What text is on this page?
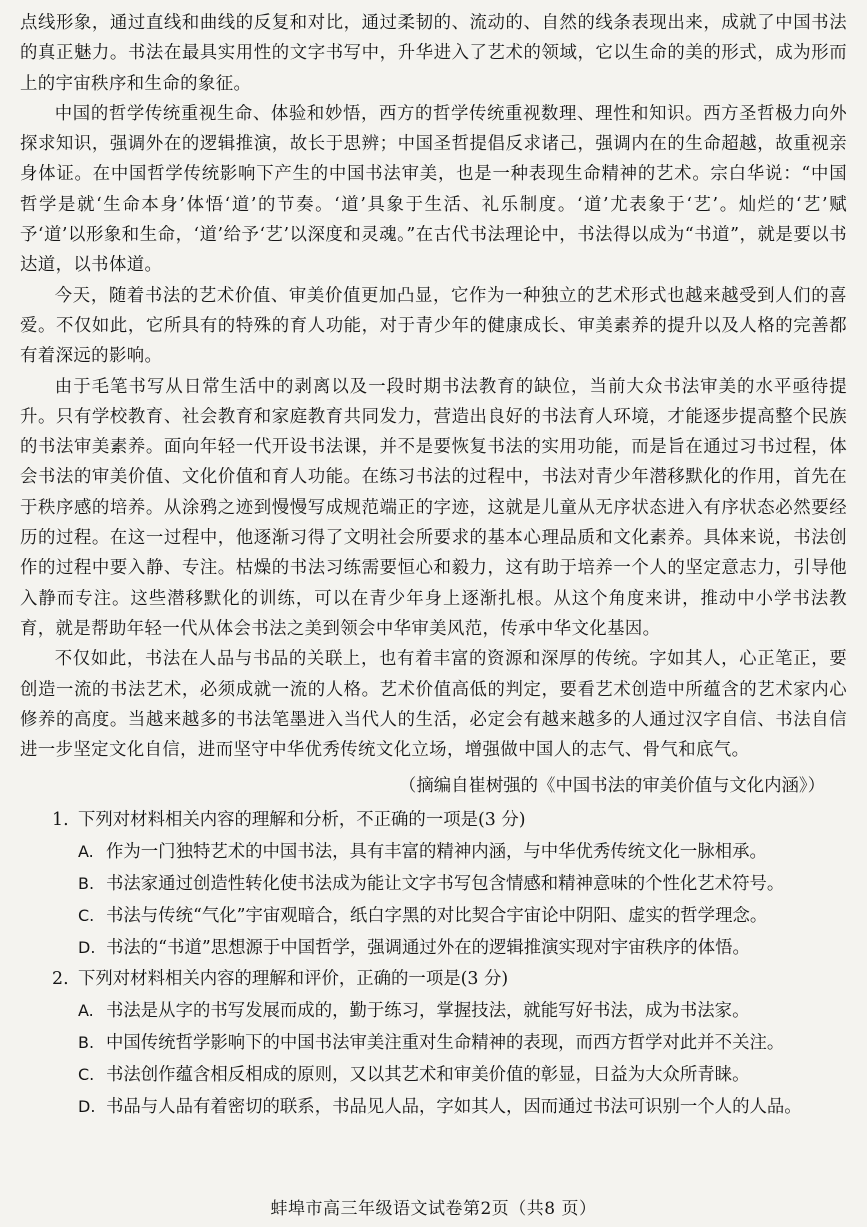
点线形象，通过直线和曲线的反复和对比，通过柔韧的、流动的、自然的线条表现出来，成就了中国书法的真正魅力。书法在最具实用性的文字书写中，升华进入了艺术的领域，它以生命的美的形式，成为形而上的宇宙秩序和生命的象征。

中国的哲学传统重视生命、体验和妙悟，西方的哲学传统重视数理、理性和知识。西方圣哲极力向外探求知识，强调外在的逻辑推演，故长于思辨；中国圣哲提倡反求诸己，强调内在的生命超越，故重视亲身体证。在中国哲学传统影响下产生的中国书法审美，也是一种表现生命精神的艺术。宗白华说：“中国哲学是就‘生命本身’体悟‘道’的节奏。‘道’具象于生活、礼乐制度。‘道’尤表象于‘艺’。灿烂的‘艺’赋予‘道’以形象和生命，‘道’给予‘艺’以深度和灵魂。”在古代书法理论中，书法得以成为“书道”，就是要以书达道，以书体道。

今天，随着书法的艺术价值、审美价值更加凸显，它作为一种独立的艺术形式也越来越受到人们的喜爱。不仅如此，它所具有的特殊的育人功能，对于青少年的健康成长、审美素养的提升以及人格的完善都有着深远的影响。

由于毛笔书写从日常生活中的剥离以及一段时期书法教育的缺位，当前大众书法审美的水平亟待提升。只有学校教育、社会教育和家庭教育共同发力，营造出良好的书法育人环境，才能逐步提高整个民族的书法审美素养。面向年轻一代开设书法课，并不是要恢复书法的实用功能，而是旨在通过习书过程，体会书法的审美价值、文化价值和育人功能。在练习书法的过程中，书法对青少年潜移默化的作用，首先在于秩序感的培养。从涂鸦之迹到慢慢写成规范端正的字迹，这就是儿童从无序状态进入有序状态必然要经历的过程。在这一过程中，他逐渐习得了文明社会所要求的基本心理品质和文化素养。具体来说，书法创作的过程中要入静、专注。枯燥的书法习练需要恒心和毅力，这有助于培养一个人的坚定意志力，引导他入静而专注。这些潜移默化的训练，可以在青少年身上逐渐扎根。从这个角度来讲，推动中小学书法教育，就是帮助年轻一代从体会书法之美到领会中华审美风范，传承中华文化基因。

不仅如此，书法在人品与书品的关联上，也有着丰富的资源和深厚的传统。字如其人，心正笔正，要创造一流的书法艺术，必须成就一流的人格。艺术价值高低的判定，要看艺术创造中所蕴含的艺术家内心修养的高度。当越来越多的书法笔墨进入当代人的生活，必定会有越来越多的人通过汉字自信、书法自信进一步坚定文化自信，进而坚守中华优秀传统文化立场，增强做中国人的志气、骨气和底气。

（摘编自崔树强的《中国书法的审美价值与文化内涵》）
1. 下列对材料相关内容的理解和分析，不正确的一项是(3 分)
A. 作为一门独特艺术的中国书法，具有丰富的精神内涵，与中华优秀传统文化一脉相承。
B. 书法家通过创造性转化使书法成为能让文字书写包含情感和精神意味的个性化艺术符号。
C. 书法与传统“气化”宇宙观暗合，纸白字黑的对比契合宇宙论中阴阳、虚实的哲学理念。
D. 书法的“书道”思想源于中国哲学，强调通过外在的逻辑推演实现对宇宙秩序的体悟。
2. 下列对材料相关内容的理解和评价，正确的一项是(3 分)
A. 书法是从字的书写发展而成的，勤于练习，掌握技法，就能写好书法，成为书法家。
B. 中国传统哲学影响下的中国书法审美注重对生命精神的表现，而西方哲学对此并不关注。
C. 书法创作蕴含相反相成的原则，又以其艺术和审美价值的彰显，日益为大众所青睐。
D. 书品与人品有着密切的联系，书品见人品，字如其人，因而通过书法可识别一个人的人品。
蚌埠市高三年级语文试卷第2页（共8 页）
